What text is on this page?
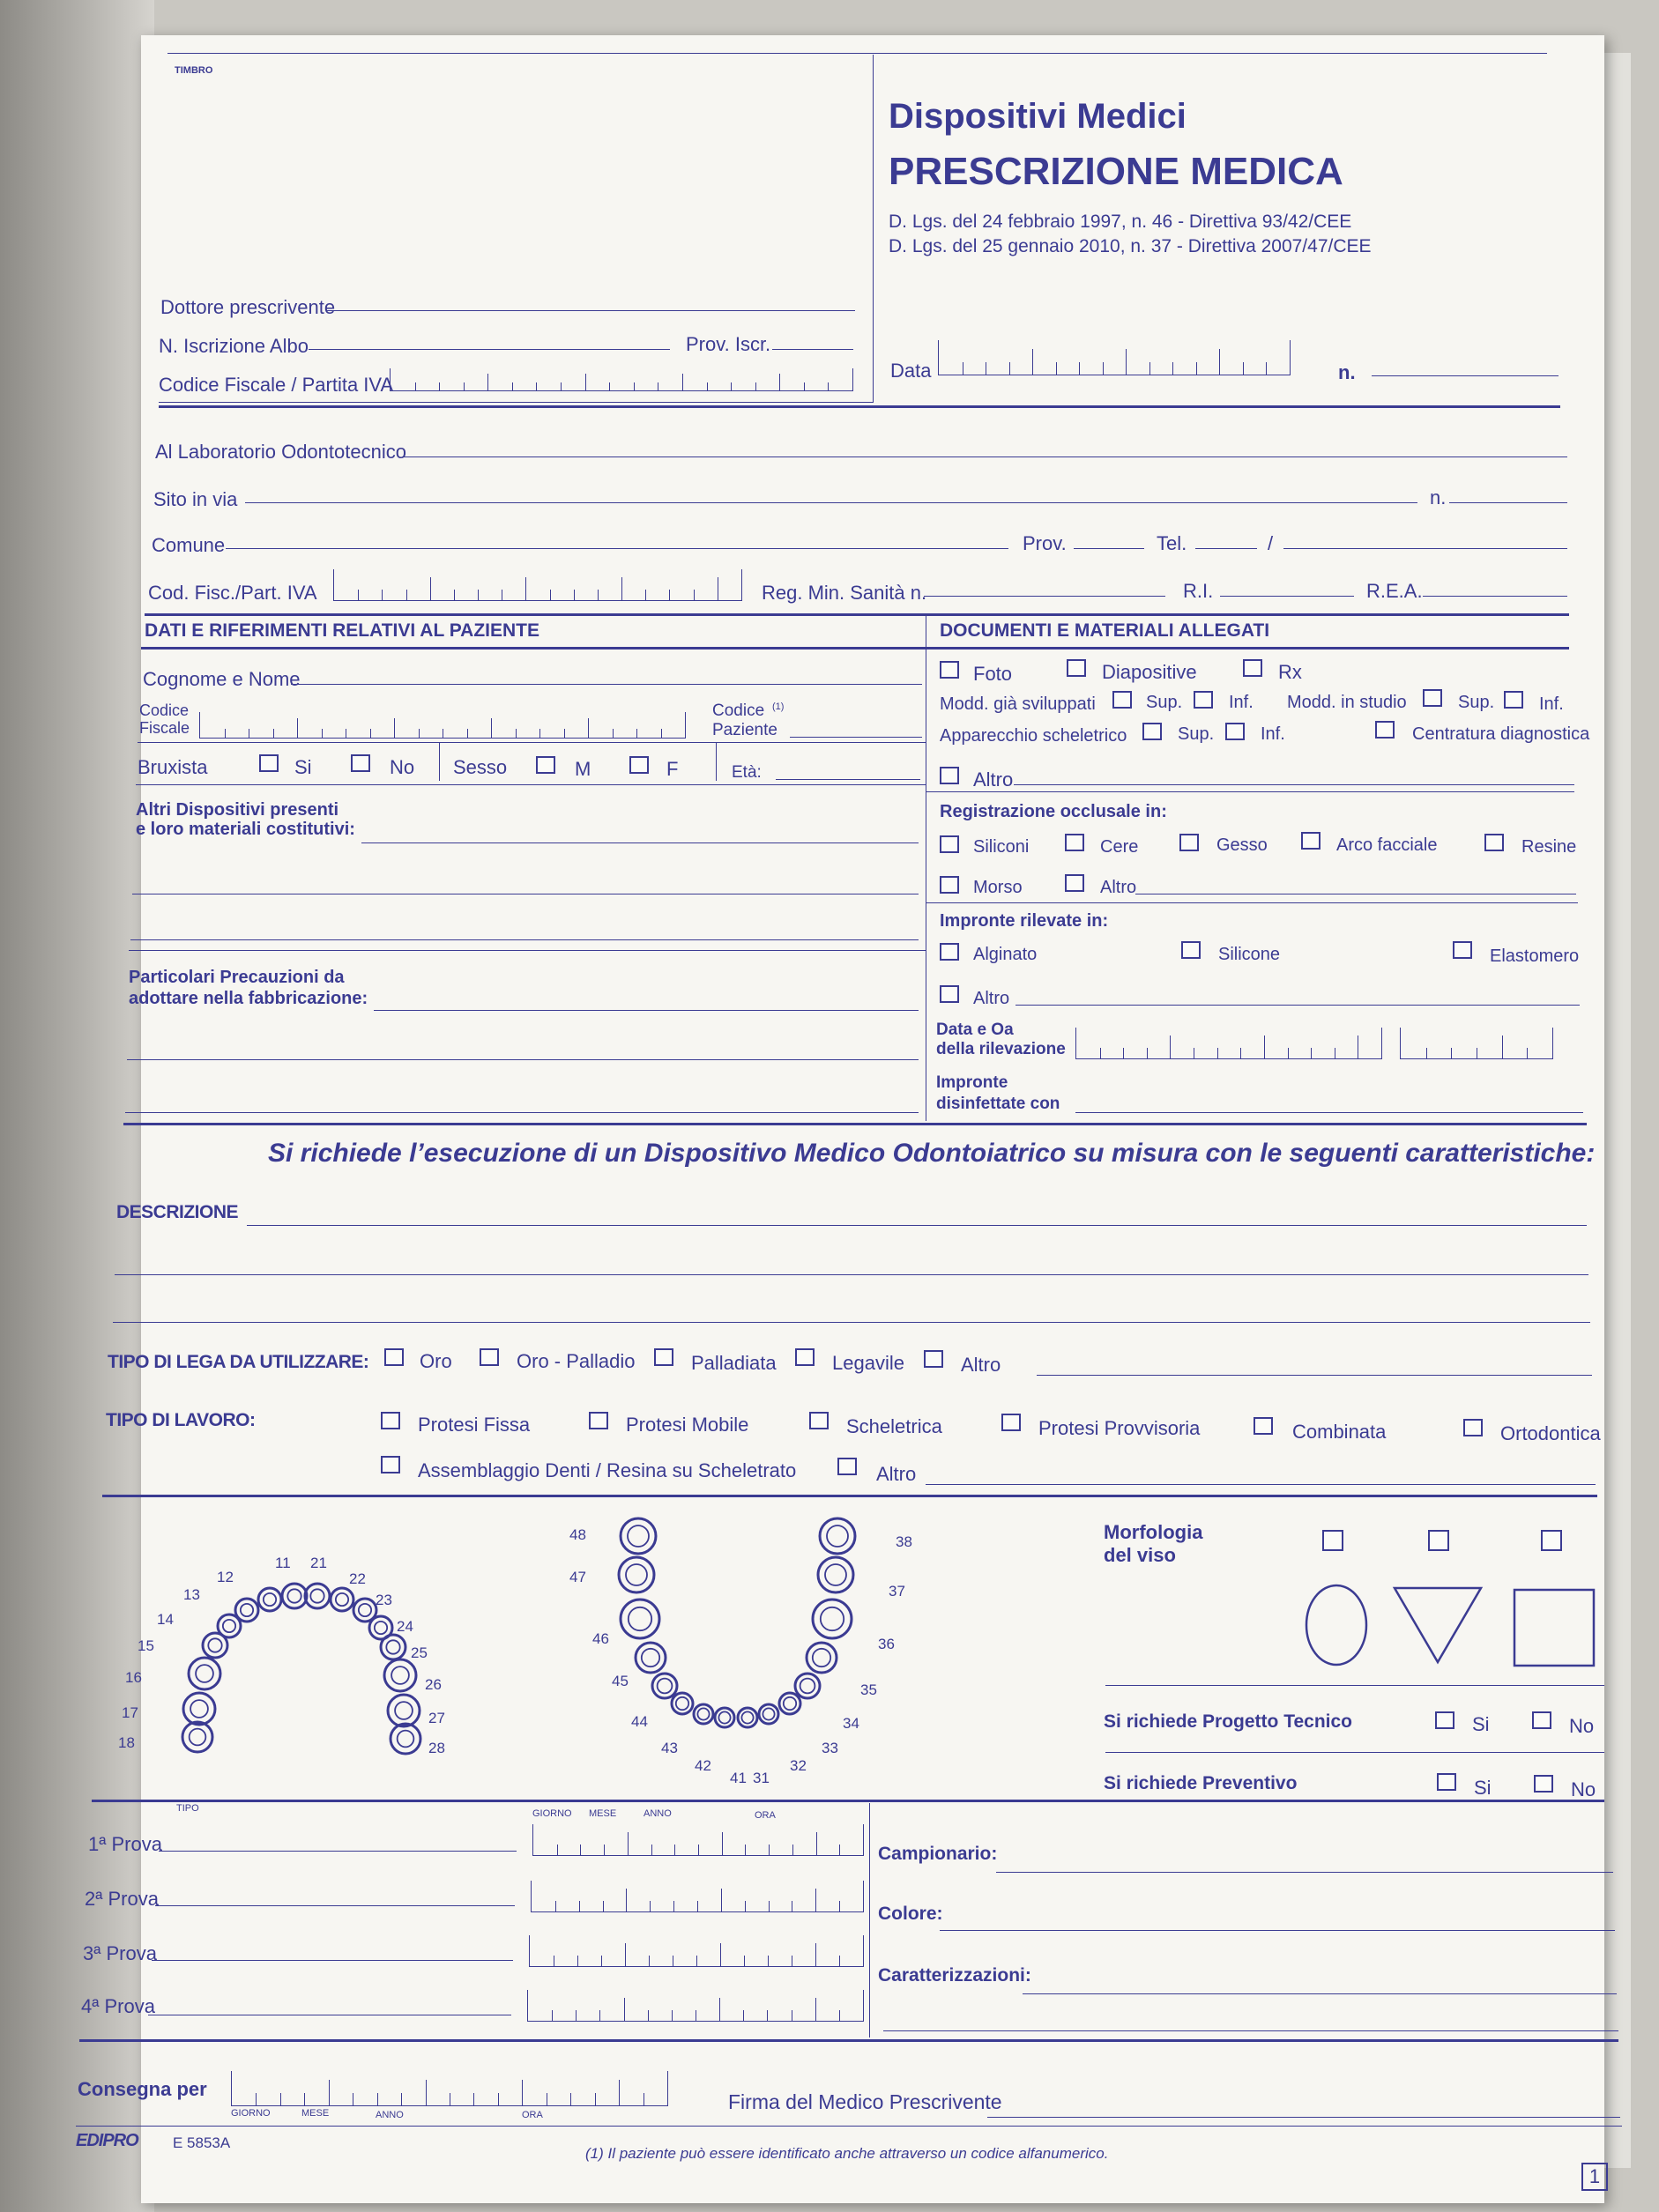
TIMBRO
Dispositivi Medici
PRESCRIZIONE MEDICA
D. Lgs. del 24 febbraio 1997, n. 46 - Direttiva 93/42/CEE
D. Lgs. del 25 gennaio 2010, n. 37 - Direttiva 2007/47/CEE
Dottore prescrivente
N. Iscrizione Albo	Prov. Iscr.
Codice Fiscale / Partita IVA
Data	n.
Al Laboratorio Odontotecnico
Sito in via	n.
Comune	Prov.	Tel.	/
Cod. Fisc./Part. IVA	Reg. Min. Sanità n.	R.I.	R.E.A.
DATI E RIFERIMENTI RELATIVI AL PAZIENTE
Cognome e Nome
Codice
Fiscale
Codice (1)
Paziente
Bruxista	Si	No Sesso	M	F	Età:
Altri Dispositivi presenti
e loro materiali costitutivi:
Particolari Precauzioni da
adottare nella fabbricazione:
DOCUMENTI E MATERIALI ALLEGATI
Foto	Diapositive	Rx
Modd. già sviluppati	Sup.	Inf. Modd. in studio	Sup.	Inf.
Apparecchio scheletrico	Sup.	Inf.	Centratura diagnostica
Altro
Registrazione occlusale in:
Siliconi	Cere	Gesso	Arco facciale	Resine
Morso	Altro
Impronte rilevate in:
Alginato	Silicone	Elastomero
Altro
Data e Oa
della rilevazione
Impronte
disinfettate con
Si richiede l’esecuzione di un Dispositivo Medico Odontoiatrico su misura con le seguenti caratteristiche:
DESCRIZIONE
TIPO DI LEGA DA UTILIZZARE:	Oro	Oro - Palladio	Palladiata	Legavile	Altro
TIPO DI LAVORO:	Protesi Fissa	Protesi Mobile	Scheletrica	Protesi Provvisoria	Combinata	Ortodontica
Assemblaggio Denti / Resina su Scheletrato	Altro
11
12
13
14
15
16
17
18
21
22
23
24
25
26
27
28
48
47
46
45
44
43
42
41 31
32
33
34
35
36
37
38	Morfologia
del viso
Si richiede Progetto Tecnico	Si	No
Si richiede Preventivo	Si	No
TIPO	GIORNO MESE	ANNO	ORA
1ª Prova
2ª Prova
3ª Prova
4ª Prova
Campionario:
Colore:
Caratterizzazioni:
Consegna per
GIORNO	MESE	ANNO	ORA
Firma del Medico Prescrivente
EDIPRO E 5853A
(1) Il paziente può essere identificato anche attraverso un codice alfanumerico.
1
